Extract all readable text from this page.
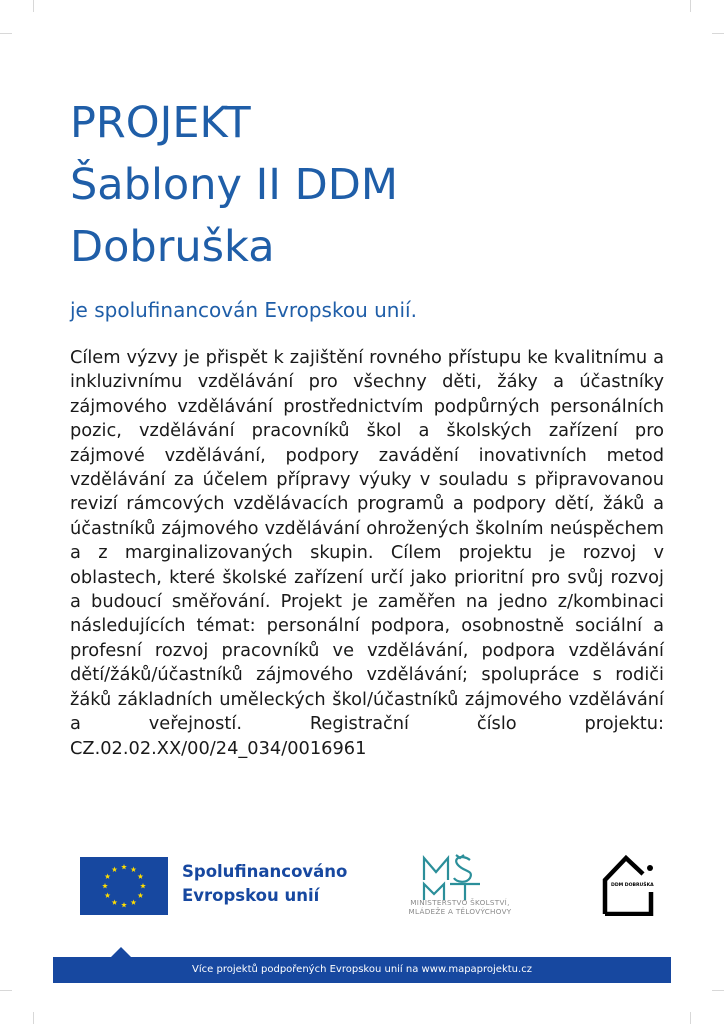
PROJEKT
Šablony II DDM
Dobruška
je spolufinancován Evropskou unií.
Cílem výzvy je přispět k zajištění rovného přístupu ke kvalitnímu a inkluzivnímu vzdělávání pro všechny děti, žáky a účastníky zájmového vzdělávání prostřednictvím podpůrných personálních pozic, vzdělávání pracovníků škol a školských zařízení pro zájmové vzdělávání, podpory zavádění inovativních metod vzdělávání za účelem přípravy výuky v souladu s připravovanou revizí rámcových vzdělávacích programů a podpory dětí, žáků a účastníků zájmového vzdělávání ohrožených školním neúspěchem a z marginalizovaných skupin. Cílem projektu je rozvoj v oblastech, které školské zařízení určí jako prioritní pro svůj rozvoj a budoucí směřování. Projekt je zaměřen na jedno z/kombinaci následujících témat: personální podpora, osobnostně sociální a profesní rozvoj pracovníků ve vzdělávání, podpora vzdělávání dětí/žáků/účastníků zájmového vzdělávání; spolupráce s rodiči žáků základních uměleckých škol/účastníků zájmového vzdělávání a veřejností. Registrační číslo projektu: CZ.02.02.XX/00/24_034/0016961
Spolufinancováno
Evropskou unií	MINISTERSTVO ŠKOLSTVÍ,
MLÁDEŽE A TĚLOVÝCHOVY
DDM DOBRUŠKA
Více projektů podpořených Evropskou unií na www.mapaprojektu.cz
